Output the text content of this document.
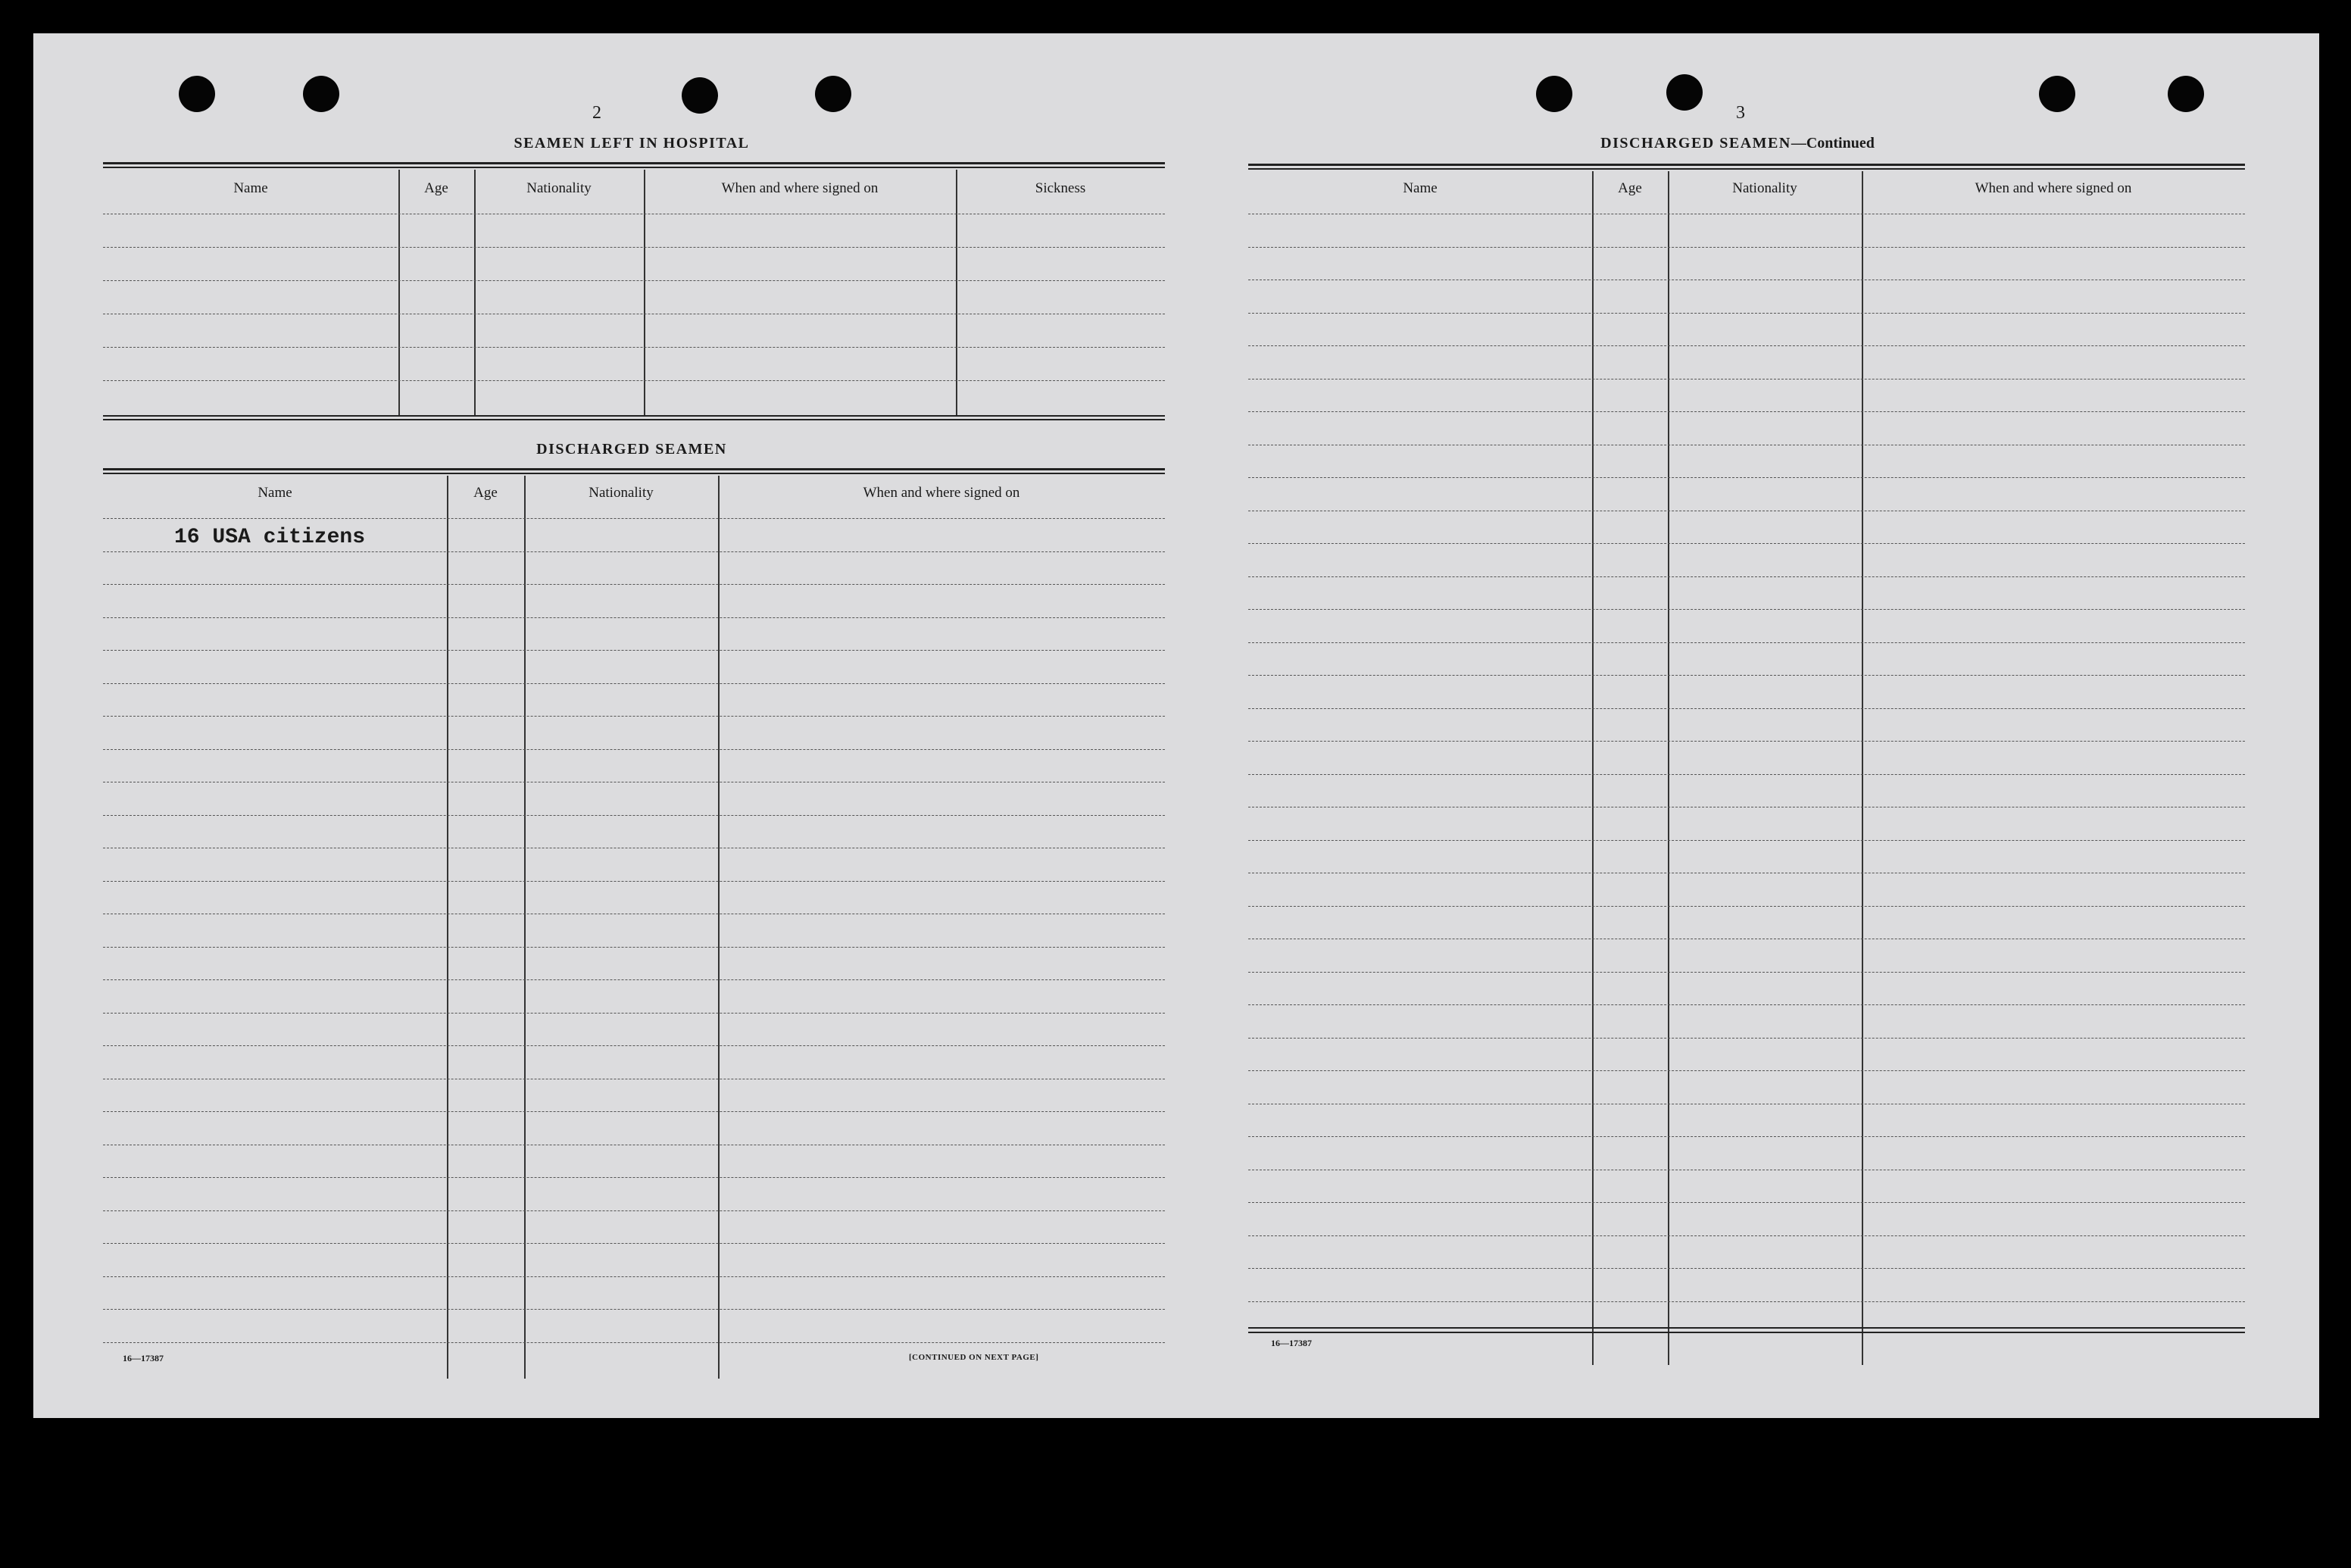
2
SEAMEN LEFT IN HOSPITAL
Name	Age	Nationality	When and where signed on	Sickness
DISCHARGED SEAMEN
Name	Age	Nationality	When and where signed on
16 USA citizens
16—17387	[CONTINUED ON NEXT PAGE]
3
DISCHARGED SEAMEN—Continued
Name	Age	Nationality	When and where signed on
16—17387
